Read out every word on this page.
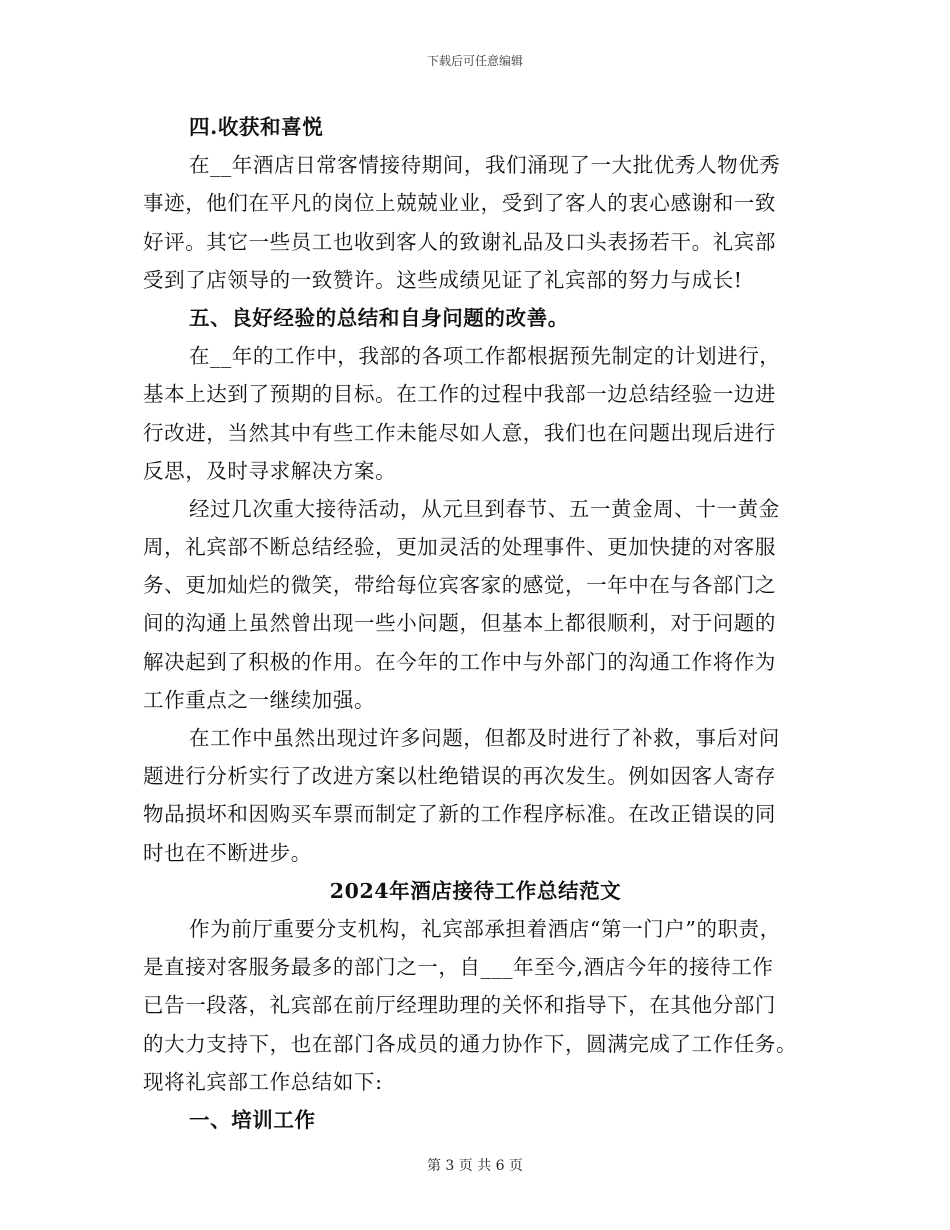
下载后可任意编辑
四.收获和喜悦
在__年酒店日常客情接待期间，我们涌现了一大批优秀人物优秀
事迹，他们在平凡的岗位上兢兢业业，受到了客人的衷心感谢和一致
好评。其它一些员工也收到客人的致谢礼品及口头表扬若干。礼宾部
受到了店领导的一致赞许。这些成绩见证了礼宾部的努力与成长!
五、良好经验的总结和自身问题的改善。
在__年的工作中，我部的各项工作都根据预先制定的计划进行，
基本上达到了预期的目标。在工作的过程中我部一边总结经验一边进
行改进，当然其中有些工作未能尽如人意，我们也在问题出现后进行
反思，及时寻求解决方案。
经过几次重大接待活动，从元旦到春节、五一黄金周、十一黄金
周，礼宾部不断总结经验，更加灵活的处理事件、更加快捷的对客服
务、更加灿烂的微笑，带给每位宾客家的感觉，一年中在与各部门之
间的沟通上虽然曾出现一些小问题，但基本上都很顺利，对于问题的
解决起到了积极的作用。在今年的工作中与外部门的沟通工作将作为
工作重点之一继续加强。
在工作中虽然出现过许多问题，但都及时进行了补救，事后对问
题进行分析实行了改进方案以杜绝错误的再次发生。例如因客人寄存
物品损坏和因购买车票而制定了新的工作程序标准。在改正错误的同
时也在不断进步。
2024年酒店接待工作总结范文
作为前厅重要分支机构，礼宾部承担着酒店“第一门户”的职责，
是直接对客服务最多的部门之一，自___年至今,酒店今年的接待工作
已告一段落，礼宾部在前厅经理助理的关怀和指导下，在其他分部门
的大力支持下，也在部门各成员的通力协作下，圆满完成了工作任务。
现将礼宾部工作总结如下:
一、培训工作
第 3 页 共 6 页
